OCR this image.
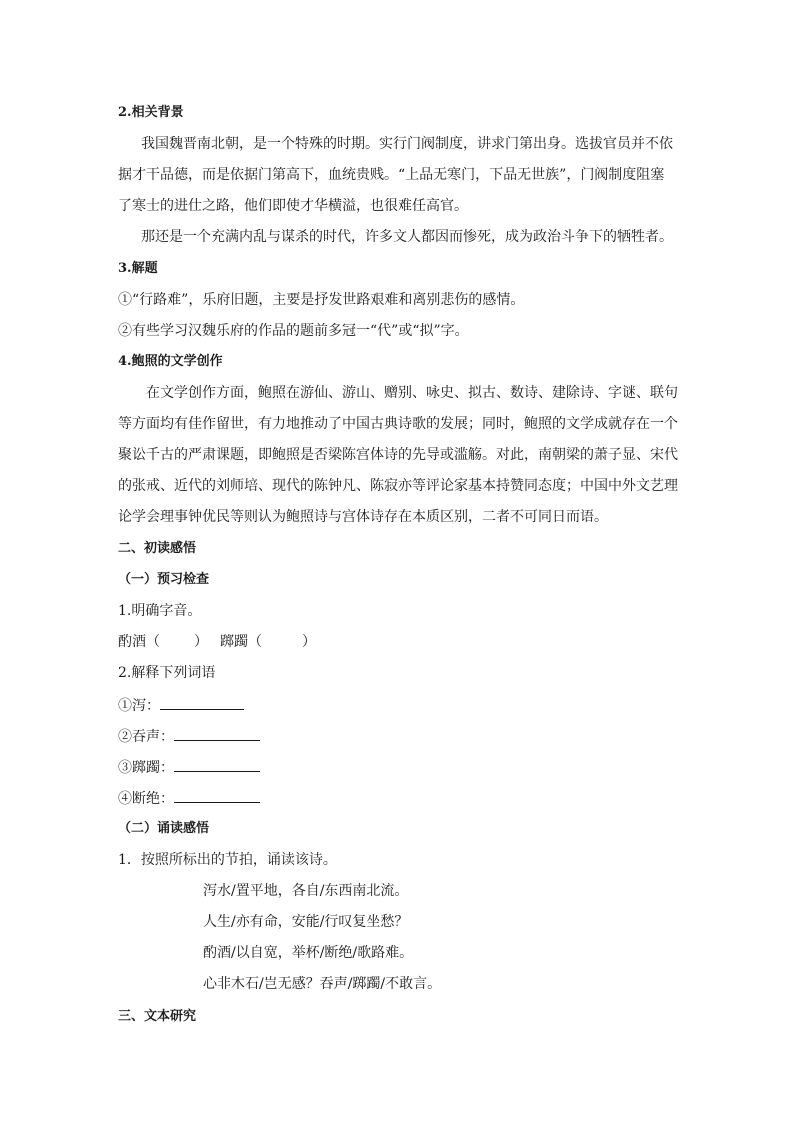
2.相关背景
我国魏晋南北朝，是一个特殊的时期。实行门阀制度，讲求门第出身。选拔官员并不依
据才干品德，而是依据门第高下，血统贵贱。“上品无寒门，下品无世族”，门阀制度阻塞
了寒士的进仕之路，他们即使才华横溢，也很难任高官。
那还是一个充满内乱与谋杀的时代，许多文人都因而惨死，成为政治斗争下的牺牲者。
3.解题
①“行路难”，乐府旧题，主要是抒发世路艰难和离别悲伤的感情。
②有些学习汉魏乐府的作品的题前多冠一“代”或“拟”字。
4.鲍照的文学创作
在文学创作方面，鲍照在游仙、游山、赠别、咏史、拟古、数诗、建除诗、字谜、联句
等方面均有佳作留世，有力地推动了中国古典诗歌的发展；同时，鲍照的文学成就存在一个
聚讼千古的严肃课题，即鲍照是否梁陈宫体诗的先导或滥觞。对此，南朝梁的萧子显、宋代
的张戒、近代的刘师培、现代的陈钟凡、陈寂亦等评论家基本持赞同态度；中国中外文艺理
论学会理事钟优民等则认为鲍照诗与宫体诗存在本质区别，二者不可同日而语。
二、初读感悟
（一）预习检查
1.明确字音。
酌酒（ ） 踯躅（	）
2.解释下列词语
①泻：
②吞声：
③踯躅：
④断绝：
（二）诵读感悟
1．按照所标出的节拍，诵读该诗。
泻水/置平地，各自/东西南北流。
人生/亦有命，安能/行叹复坐愁？
酌酒/以自宽，举杯/断绝/歌路难。
心非木石/岂无感？吞声/踯躅/不敢言。
三、文本研究
